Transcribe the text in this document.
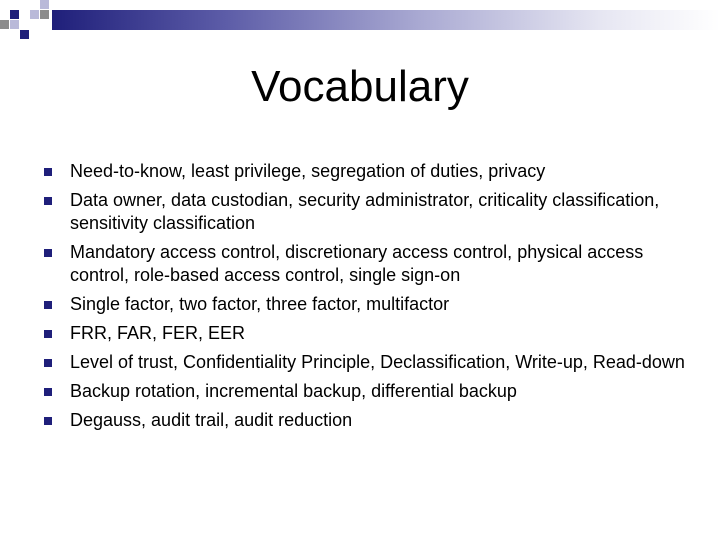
Vocabulary
Need-to-know, least privilege, segregation of duties, privacy
Data owner, data custodian, security administrator, criticality classification, sensitivity classification
Mandatory access control, discretionary access control, physical access control, role-based access control, single sign-on
Single factor, two factor, three factor, multifactor
FRR, FAR, FER, EER
Level of trust, Confidentiality Principle, Declassification, Write-up, Read-down
Backup rotation, incremental backup, differential backup
Degauss, audit trail, audit reduction
